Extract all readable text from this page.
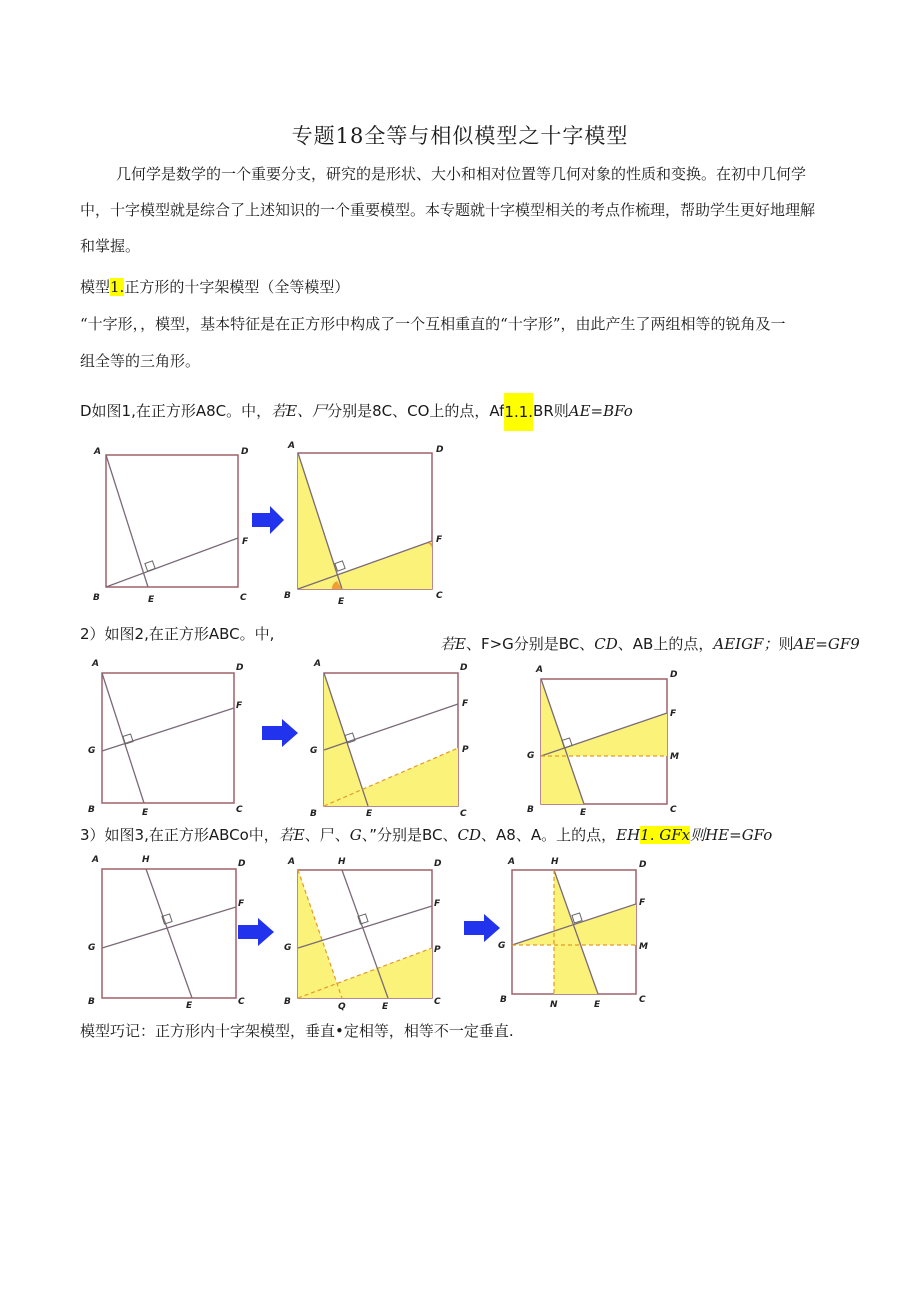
专题18全等与相似模型之十字模型
几何学是数学的一个重要分支，研究的是形状、大小和相对位置等几何对象的性质和变换。在初中几何学
中，十字模型就是综合了上述知识的一个重要模型。本专题就十字模型相关的考点作梳理，帮助学生更好地理解
和掌握。
模型1.正方形的十字架模型（全等模型）
“十字形，，模型，基本特征是在正方形中构成了一个互相重直的“十字形”，由此产生了两组相等的锐角及一
组全等的三角形。
D如图1,在正方形A8C。中，若E、尸分别是8C、CO上的点，Af1.1.BR则AE=BFo
A	D
B	C
E
F
A	D
B	C
E
F
2）如图2,在正方形ABC。中,
若E、F>G分别是BC、CD、AB上的点，AEIGF；则AE=GF9
A	D
B	C
E
F
G
A	D
B	C
E
F
G	P
A	D
B	C
E
F
G	M
3）如图3,在正方形ABCo中，若E、尸、G、”分别是BC、CD、A8、A。上的点，EH1. GFx则HE=GFo
A	H	D
B	C
E
F
G
A	H	D
B	C
Q	E
F
G	P
A	H	D
B	C
N	E
F
G	M
模型巧记：正方形内十字架模型，垂直•定相等，相等不一定垂直.
